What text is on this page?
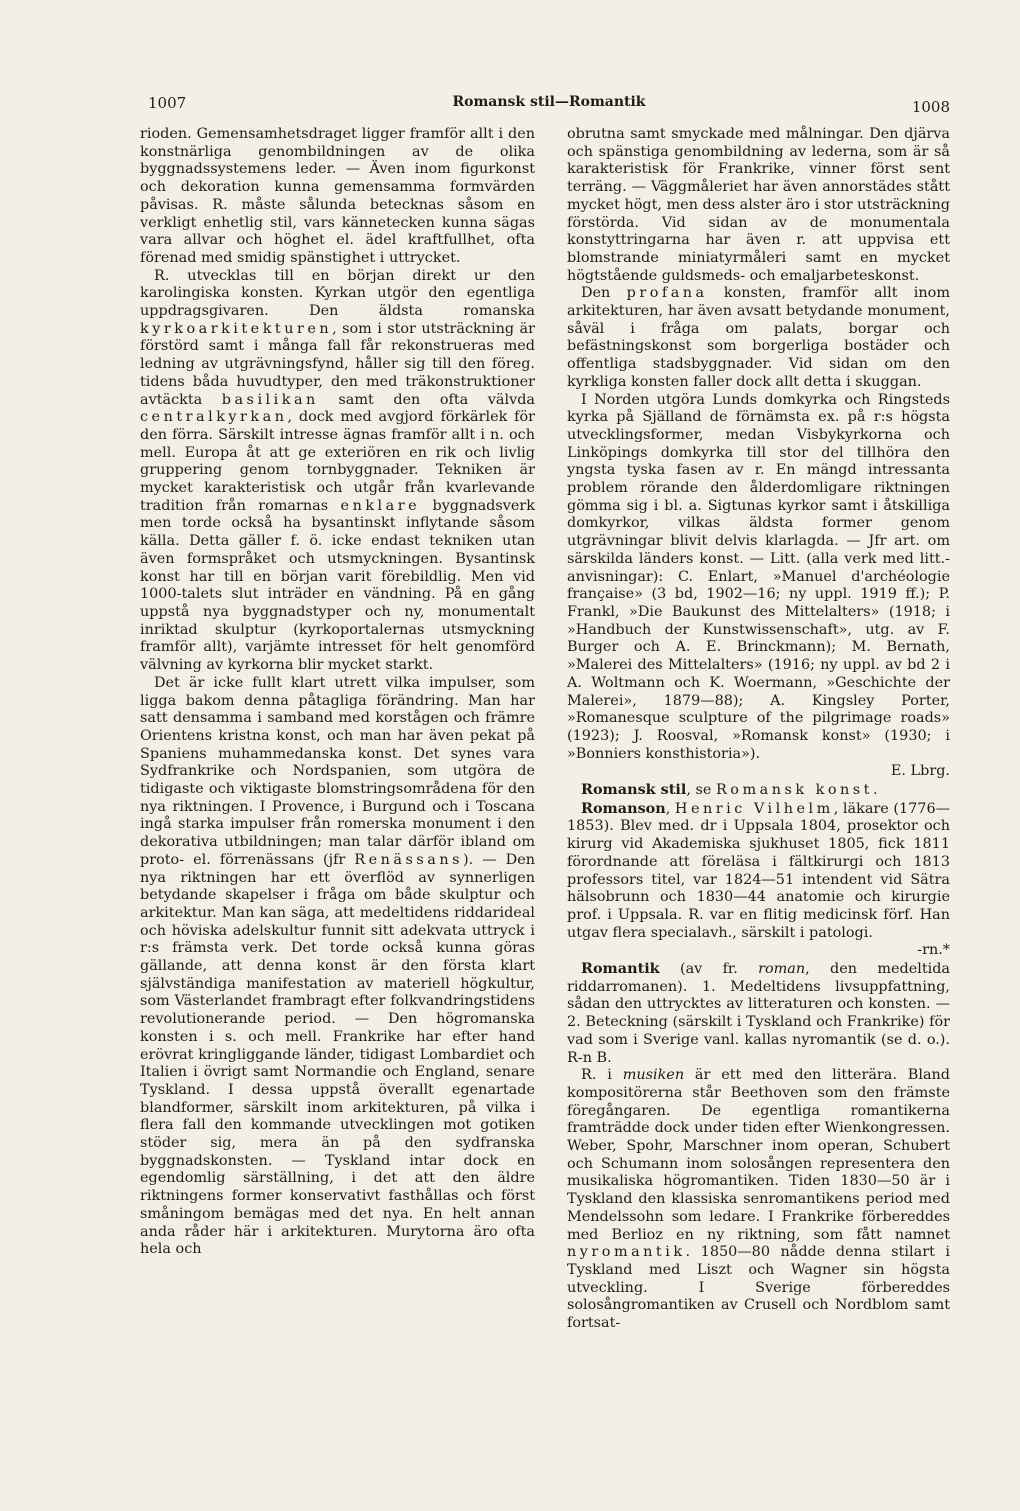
1007	Romansk stil—Romantik	1008

rioden. Gemensamhetsdraget ligger framför allt i den konstnärliga genombildningen av de olika byggnadssystemens leder. — Även inom figurkonst och dekoration kunna gemensamma formvärden påvisas. R. måste sålunda betecknas såsom en verkligt enhetlig stil, vars kännetecken kunna sägas vara allvar och höghet el. ädel kraftfullhet, ofta förenad med smidig spänstighet i uttrycket.

R. utvecklas till en början direkt ur den karolingiska konsten. Kyrkan utgör den egentliga uppdragsgivaren. Den äldsta romanska kyrkoarkitekturen, som i stor utsträckning är förstörd samt i många fall får rekonstrueras med ledning av utgrävningsfynd, håller sig till den föreg. tidens båda huvudtyper, den med träkonstruktioner avtäckta basilikan samt den ofta välvda centralkyrkan, dock med avgjord förkärlek för den förra. Särskilt intresse ägnas framför allt i n. och mell. Europa åt att ge exteriören en rik och livlig gruppering genom tornbyggnader. Tekniken är mycket karakteristisk och utgår från kvarlevande tradition från romarnas enklare byggnadsverk men torde också ha bysantinskt inflytande såsom källa. Detta gäller f. ö. icke endast tekniken utan även formspråket och utsmyckningen. Bysantinsk konst har till en början varit förebildlig. Men vid 1000-talets slut inträder en vändning. På en gång uppstå nya byggnadstyper och ny, monumentalt inriktad skulptur (kyrkoportalernas utsmyckning framför allt), varjämte intresset för helt genomförd välvning av kyrkorna blir mycket starkt.

Det är icke fullt klart utrett vilka impulser, som ligga bakom denna påtagliga förändring. Man har satt densamma i samband med korstågen och främre Orientens kristna konst, och man har även pekat på Spaniens muhammedanska konst. Det synes vara Sydfrankrike och Nordspanien, som utgöra de tidigaste och viktigaste blomstringsområdena för den nya riktningen. I Provence, i Burgund och i Toscana ingå starka impulser från romerska monument i den dekorativa utbildningen; man talar därför ibland om proto- el. förrenässans (jfr Renässans). — Den nya riktningen har ett överflöd av synnerligen betydande skapelser i fråga om både skulptur och arkitektur. Man kan säga, att medeltidens riddarideal och höviska adelskultur funnit sitt adekvata uttryck i r:s främsta verk. Det torde också kunna göras gällande, att denna konst är den första klart självständiga manifestation av materiell högkultur, som Västerlandet frambragt efter folkvandringstidens revolutionerande period. — Den högromanska konsten i s. och mell. Frankrike har efter hand erövrat kringliggande länder, tidigast Lombardiet och Italien i övrigt samt Normandie och England, senare Tyskland. I dessa uppstå överallt egenartade blandformer, särskilt inom arkitekturen, på vilka i flera fall den kommande utvecklingen mot gotiken stöder sig, mera än på den sydfranska byggnadskonsten. — Tyskland intar dock en egendomlig särställning, i det att den äldre riktningens former konservativt fasthållas och först småningom bemägas med det nya. En helt annan anda råder här i arkitekturen. Murytorna äro ofta hela och

obrutna samt smyckade med målningar. Den djärva och spänstiga genombildning av lederna, som är så karakteristisk för Frankrike, vinner först sent terräng. — Väggmåleriet har även annorstädes stått mycket högt, men dess alster äro i stor utsträckning förstörda. Vid sidan av de monumentala konstyttringarna har även r. att uppvisa ett blomstrande miniatyrmåleri samt en mycket högtstående guldsmeds- och emaljarbeteskonst.

Den profana konsten, framför allt inom arkitekturen, har även avsatt betydande monument, såväl i fråga om palats, borgar och befästningskonst som borgerliga bostäder och offentliga stadsbyggnader. Vid sidan om den kyrkliga konsten faller dock allt detta i skuggan.

I Norden utgöra Lunds domkyrka och Ringsteds kyrka på Själland de förnämsta ex. på r:s högsta utvecklingsformer, medan Visbykyrkorna och Linköpings domkyrka till stor del tillhöra den yngsta tyska fasen av r. En mängd intressanta problem rörande den ålderdomligare riktningen gömma sig i bl. a. Sigtunas kyrkor samt i åtskilliga domkyrkor, vilkas äldsta former genom utgrävningar blivit delvis klarlagda. — Jfr art. om särskilda länders konst. — Litt. (alla verk med litt.-anvisningar): C. Enlart, »Manuel d'archéologie française» (3 bd, 1902—16; ny uppl. 1919 ff.); P. Frankl, »Die Baukunst des Mittelalters» (1918; i »Handbuch der Kunstwissenschaft», utg. av F. Burger och A. E. Brinckmann); M. Bernath, »Malerei des Mittelalters» (1916; ny uppl. av bd 2 i A. Woltmann och K. Woermann, »Geschichte der Malerei», 1879—88); A. Kingsley Porter, »Romanesque sculpture of the pilgrimage roads» (1923); J. Roosval, »Romansk konst» (1930; i »Bonniers konsthistoria»).

E. Lbrg.

Romansk stil, se Romansk konst.

Romanson, Henric Vilhelm, läkare (1776—1853). Blev med. dr i Uppsala 1804, prosektor och kirurg vid Akademiska sjukhuset 1805, fick 1811 förordnande att föreläsa i fältkirurgi och 1813 professors titel, var 1824—51 intendent vid Sätra hälsobrunn och 1830—44 anatomie och kirurgie prof. i Uppsala. R. var en flitig medicinsk förf. Han utgav flera specialavh., särskilt i patologi.

-rn.*

Romantik (av fr. roman, den medeltida riddarromanen). 1. Medeltidens livsuppfattning, sådan den uttrycktes av litteraturen och konsten. — 2. Beteckning (särskilt i Tyskland och Frankrike) för vad som i Sverige vanl. kallas nyromantik (se d. o.). R-n B.

R. i musiken är ett med den litterära. Bland kompositörerna står Beethoven som den främste föregångaren. De egentliga romantikerna framträdde dock under tiden efter Wienkongressen. Weber, Spohr, Marschner inom operan, Schubert och Schumann inom solosången representera den musikaliska högromantiken. Tiden 1830—50 är i Tyskland den klassiska senromantikens period med Mendelssohn som ledare. I Frankrike förbereddes med Berlioz en ny riktning, som fått namnet nyromantik. 1850—80 nådde denna stilart i Tyskland med Liszt och Wagner sin högsta utveckling. I Sverige förbereddes solosångromantiken av Crusell och Nordblom samt fortsat-
